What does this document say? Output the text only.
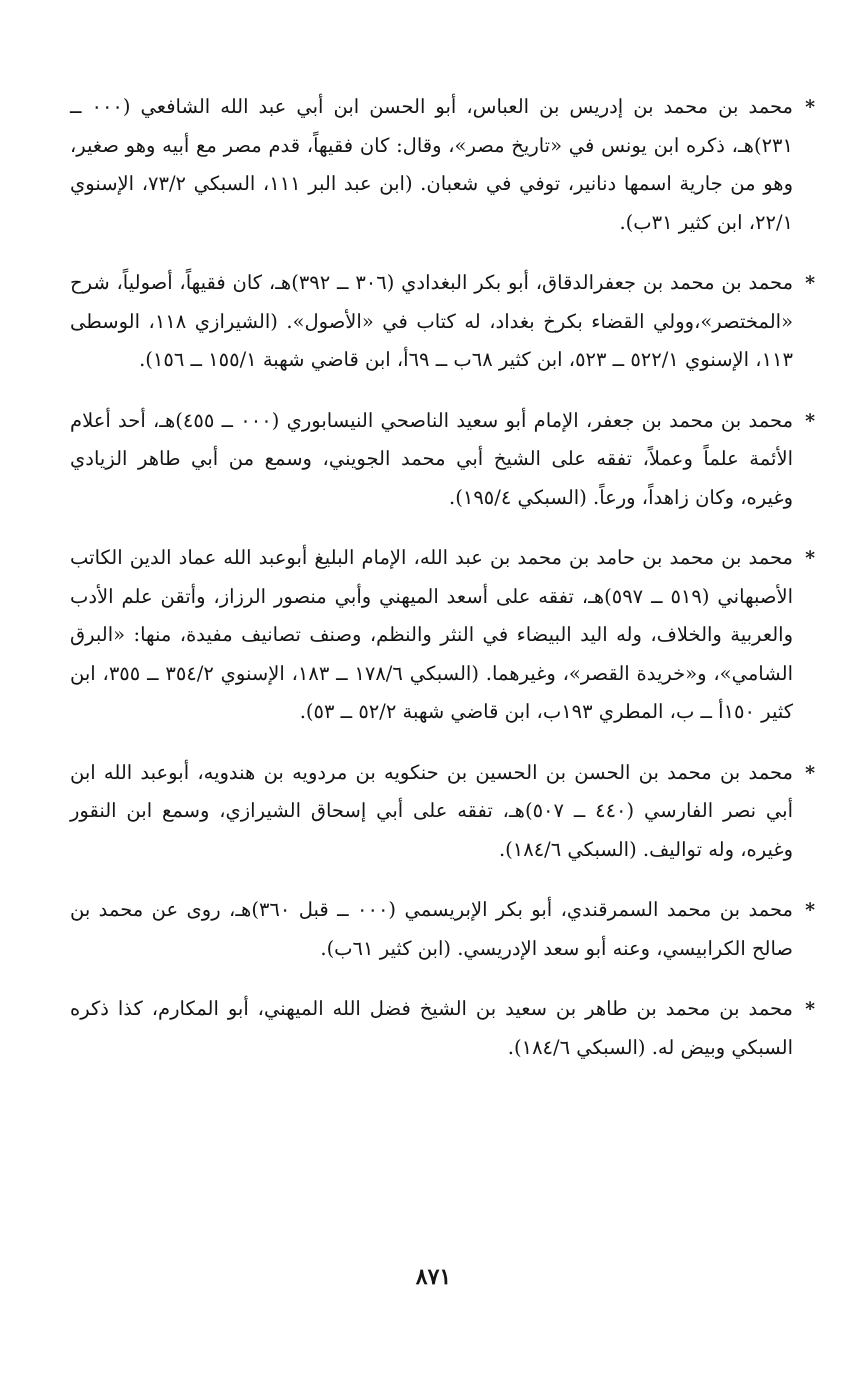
*
محمد بن محمد بن إدريس بن العباس، أبو الحسن ابن أبي عبد الله الشافعي (٠٠٠ ــ ٢٣١)هـ، ذكره ابن يونس في «تاريخ مصر»، وقال: كان فقيهاً، قدم مصر مع أبيه وهو صغير، وهو من جارية اسمها دنانير، توفي في شعبان. (ابن عبد البر ١١١، السبكي ٧٣/٢، الإسنوي ٢٢/١، ابن كثير ٣١ب).

*
محمد بن محمد بن جعفرالدقاق، أبو بكر البغدادي (٣٠٦ ــ ٣٩٢)هـ، كان فقيهاً، أصولياً، شرح «المختصر»،وولي القضاء بكرخ بغداد، له كتاب في «الأصول». (الشيرازي ١١٨، الوسطى ١١٣، الإسنوي ٥٢٢/١ ــ ٥٢٣، ابن كثير ٦٨ب ــ ٦٩أ، ابن قاضي شهبة ١٥٥/١ ــ ١٥٦).

*
محمد بن محمد بن جعفر، الإمام أبو سعيد الناصحي النيسابوري (٠٠٠ ــ ٤٥٥)هـ، أحد أعلام الأئمة علماً وعملاً، تفقه على الشيخ أبي محمد الجويني، وسمع من أبي طاهر الزيادي وغيره، وكان زاهداً، ورعاً. (السبكي ١٩٥/٤).

*
محمد بن محمد بن حامد بن محمد بن عبد الله، الإمام البليغ أبوعبد الله عماد الدين الكاتب الأصبهاني (٥١٩ ــ ٥٩٧)هـ، تفقه على أسعد الميهني وأبي منصور الرزاز، وأتقن علم الأدب والعربية والخلاف، وله اليد البيضاء في النثر والنظم، وصنف تصانيف مفيدة، منها: «البرق الشامي»، و«خريدة القصر»، وغيرهما. (السبكي ١٧٨/٦ ــ ١٨٣، الإسنوي ٣٥٤/٢ ــ ٣٥٥، ابن كثير ١٥٠أ ــ ب، المطري ١٩٣ب، ابن قاضي شهبة ٥٢/٢ ــ ٥٣).

*
محمد بن محمد بن الحسن بن الحسين بن حنكويه بن مردويه بن هندويه، أبوعبد الله ابن أبي نصر الفارسي (٤٤٠ ــ ٥٠٧)هـ، تفقه على أبي إسحاق الشيرازي، وسمع ابن النقور وغيره، وله تواليف. (السبكي ١٨٤/٦).

*
محمد بن محمد السمرقندي، أبو بكر الإبريسمي (٠٠٠ ــ قبل ٣٦٠)هـ، روى عن محمد بن صالح الكرابيسي، وعنه أبو سعد الإدريسي. (ابن كثير ٦١ب).

*
محمد بن محمد بن طاهر بن سعيد بن الشيخ فضل الله الميهني، أبو المكارم، كذا ذكره السبكي وبيض له. (السبكي ١٨٤/٦).

٨٧١
